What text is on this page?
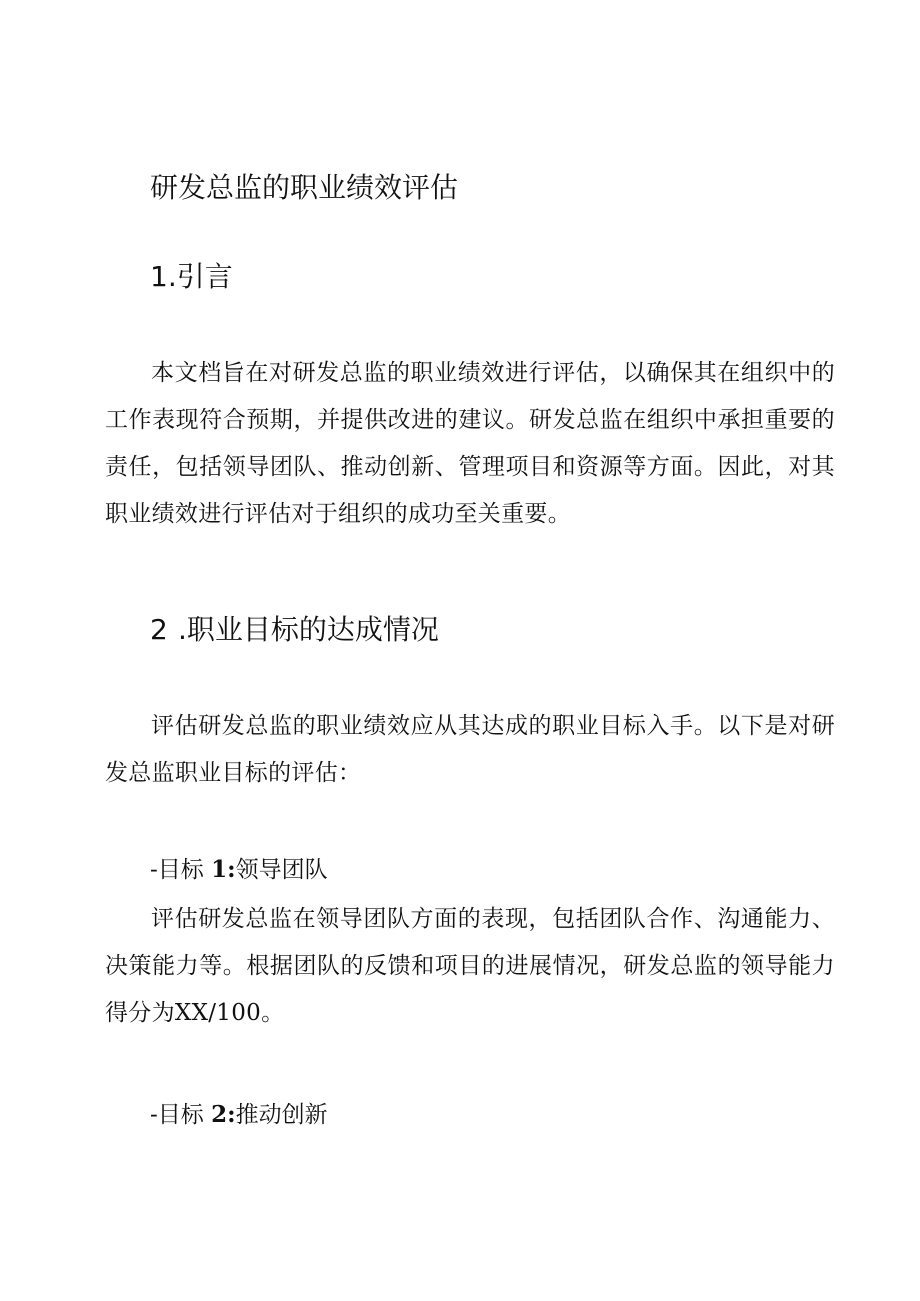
研发总监的职业绩效评估
1.引言

本文档旨在对研发总监的职业绩效进行评估，以确保其在组织中的工作表现符合预期，并提供改进的建议。研发总监在组织中承担重要的责任，包括领导团队、推动创新、管理项目和资源等方面。因此，对其职业绩效进行评估对于组织的成功至关重要。

2 .职业目标的达成情况

评估研发总监的职业绩效应从其达成的职业目标入手。以下是对研发总监职业目标的评估：

-目标 1:领导团队

评估研发总监在领导团队方面的表现，包括团队合作、沟通能力、决策能力等。根据团队的反馈和项目的进展情况，研发总监的领导能力得分为XX/100。

-目标 2:推动创新
